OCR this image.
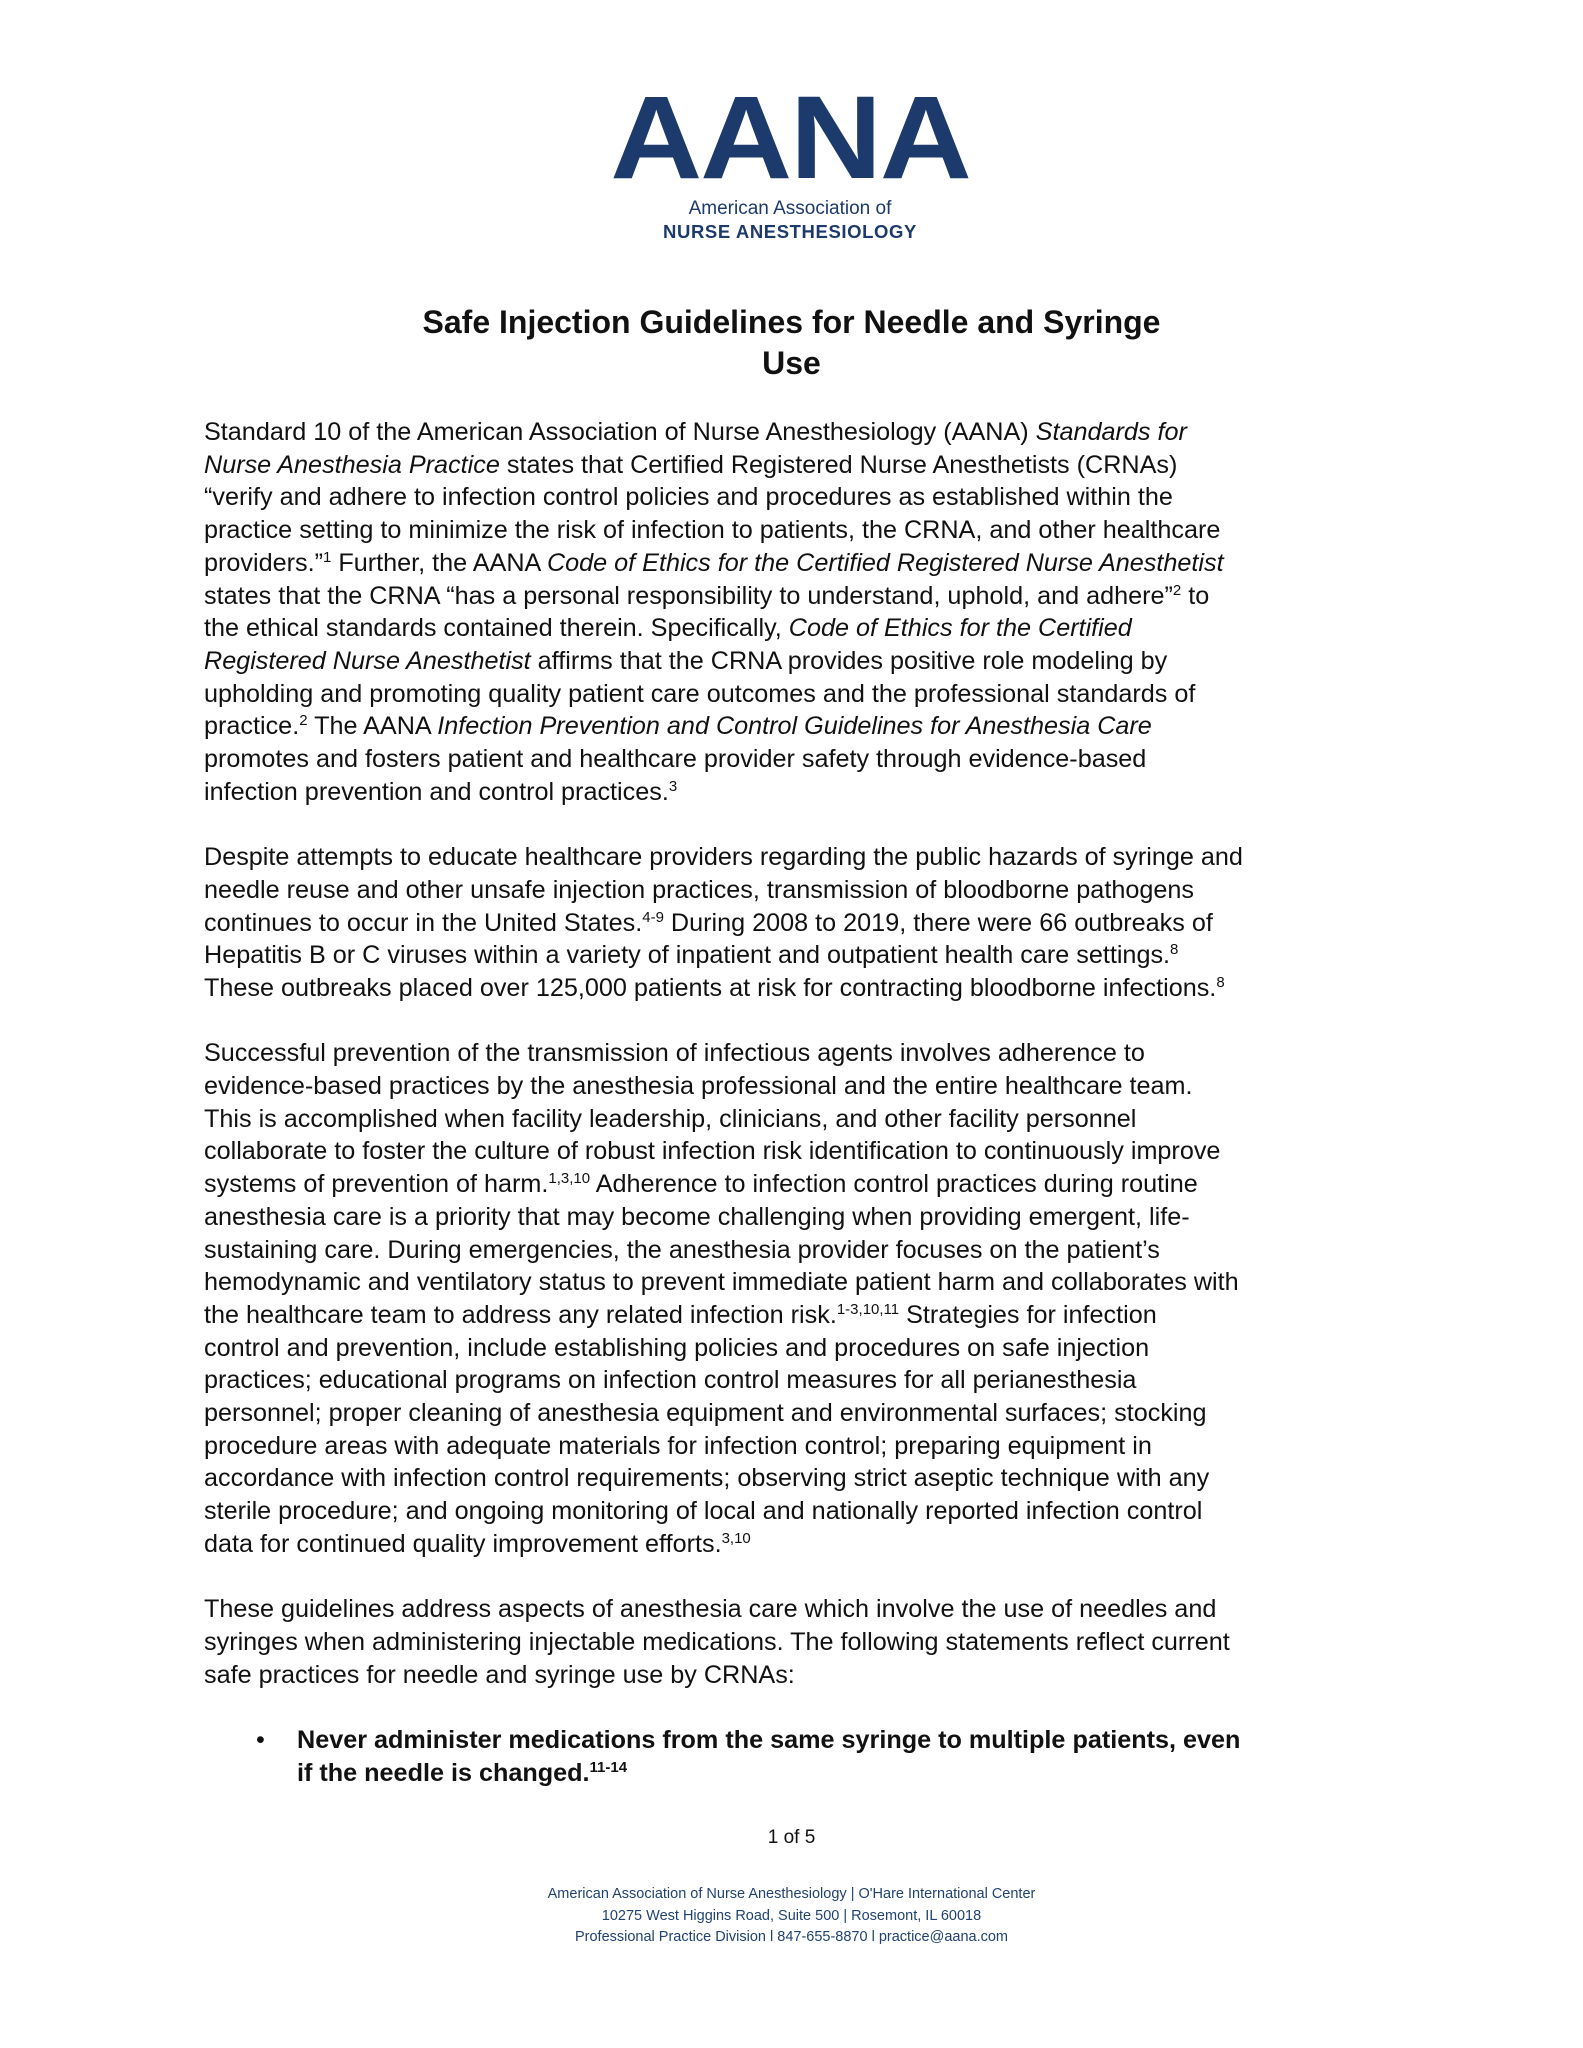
AANA
American Association of
NURSE ANESTHESIOLOGY
Safe Injection Guidelines for Needle and Syringe
Use

Standard 10 of the American Association of Nurse Anesthesiology (AANA) Standards for
Nurse Anesthesia Practice states that Certified Registered Nurse Anesthetists (CRNAs)
“verify and adhere to infection control policies and procedures as established within the
practice setting to minimize the risk of infection to patients, the CRNA, and other healthcare
providers.”$^1$ Further, the AANA Code of Ethics for the Certified Registered Nurse Anesthetist
states that the CRNA “has a personal responsibility to understand, uphold, and adhere”$^2$ to
the ethical standards contained therein. Specifically, Code of Ethics for the Certified
Registered Nurse Anesthetist affirms that the CRNA provides positive role modeling by
upholding and promoting quality patient care outcomes and the professional standards of
practice.$^2$ The AANA Infection Prevention and Control Guidelines for Anesthesia Care
promotes and fosters patient and healthcare provider safety through evidence-based
infection prevention and control practices.$^3$

Despite attempts to educate healthcare providers regarding the public hazards of syringe and
needle reuse and other unsafe injection practices, transmission of bloodborne pathogens
continues to occur in the United States.$^{4-9}$ During 2008 to 2019, there were 66 outbreaks of
Hepatitis B or C viruses within a variety of inpatient and outpatient health care settings.$^8$
These outbreaks placed over 125,000 patients at risk for contracting bloodborne infections.$^8$

Successful prevention of the transmission of infectious agents involves adherence to
evidence-based practices by the anesthesia professional and the entire healthcare team.
This is accomplished when facility leadership, clinicians, and other facility personnel
collaborate to foster the culture of robust infection risk identification to continuously improve
systems of prevention of harm.$^{1,3,10}$ Adherence to infection control practices during routine
anesthesia care is a priority that may become challenging when providing emergent, life-
sustaining care. During emergencies, the anesthesia provider focuses on the patient’s
hemodynamic and ventilatory status to prevent immediate patient harm and collaborates with
the healthcare team to address any related infection risk.$^{1-3,10,11}$ Strategies for infection
control and prevention, include establishing policies and procedures on safe injection
practices; educational programs on infection control measures for all perianesthesia
personnel; proper cleaning of anesthesia equipment and environmental surfaces; stocking
procedure areas with adequate materials for infection control; preparing equipment in
accordance with infection control requirements; observing strict aseptic technique with any
sterile procedure; and ongoing monitoring of local and nationally reported infection control
data for continued quality improvement efforts.$^{3,10}$

These guidelines address aspects of anesthesia care which involve the use of needles and
syringes when administering injectable medications. The following statements reflect current
safe practices for needle and syringe use by CRNAs:

• Never administer medications from the same syringe to multiple patients, even
if the needle is changed.$^{11-14}$
1 of 5
American Association of Nurse Anesthesiology | O'Hare International Center
10275 West Higgins Road, Suite 500 | Rosemont, IL 60018
Professional Practice Division l 847-655-8870 l practice@aana.com
